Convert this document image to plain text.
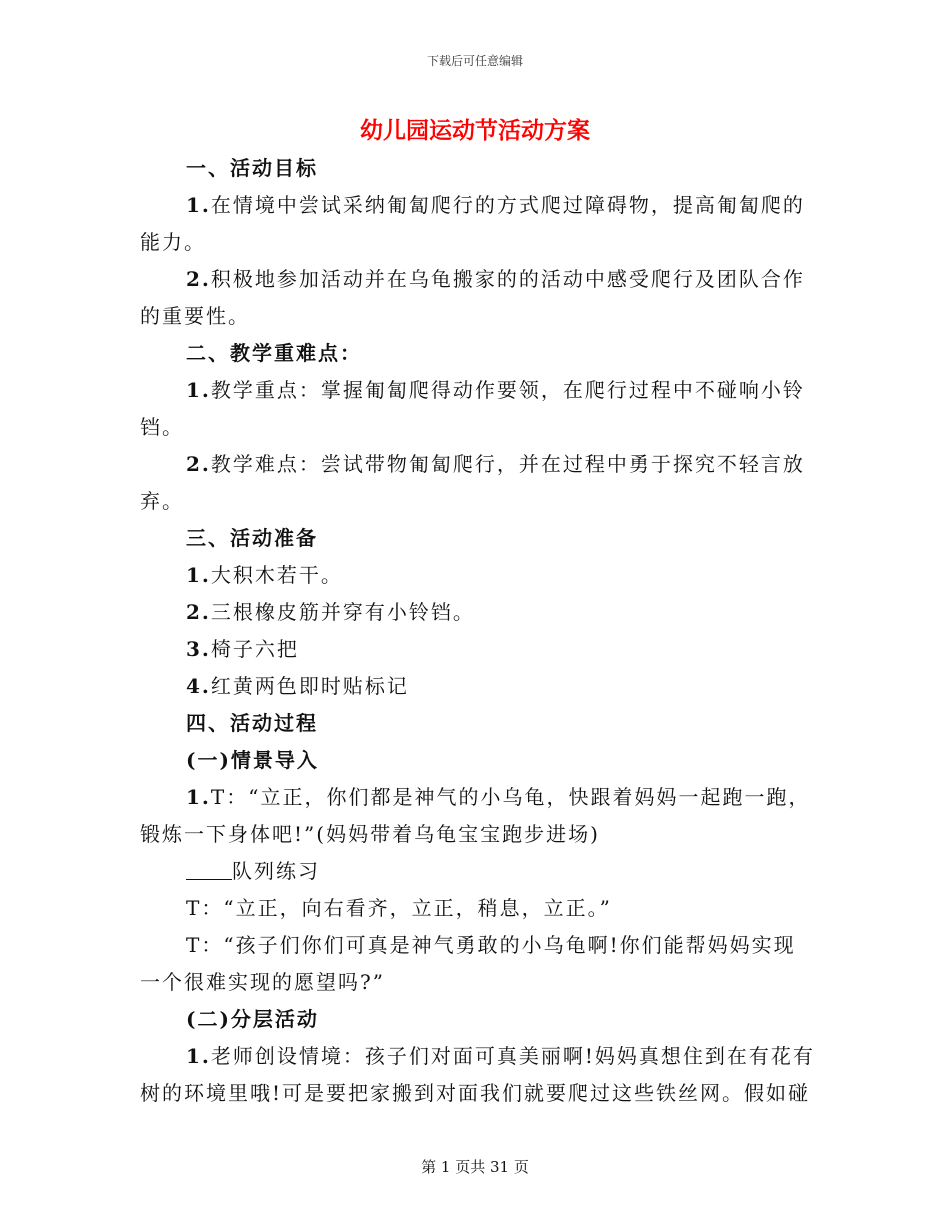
下载后可任意编辑
幼儿园运动节活动方案
一、活动目标
1.在情境中尝试采纳匍匐爬行的方式爬过障碍物，提高匍匐爬的
能力。
2.积极地参加活动并在乌龟搬家的的活动中感受爬行及团队合作
的重要性。
二、教学重难点：
1.教学重点：掌握匍匐爬得动作要领，在爬行过程中不碰响小铃
铛。
2.教学难点：尝试带物匍匐爬行，并在过程中勇于探究不轻言放
弃。
三、活动准备
1.大积木若干。
2.三根橡皮筋并穿有小铃铛。
3.椅子六把
4.红黄两色即时贴标记
四、活动过程
(一)情景导入
1.T：“立正，你们都是神气的小乌龟，快跟着妈妈一起跑一跑，
锻炼一下身体吧!”(妈妈带着乌龟宝宝跑步进场)
队列练习
T：“立正，向右看齐，立正，稍息，立正。”
T：“孩子们你们可真是神气勇敢的小乌龟啊!你们能帮妈妈实现
一个很难实现的愿望吗?”
(二)分层活动
1.老师创设情境：孩子们对面可真美丽啊!妈妈真想住到在有花有
树的环境里哦!可是要把家搬到对面我们就要爬过这些铁丝网。假如碰
第 1 页共 31 页
